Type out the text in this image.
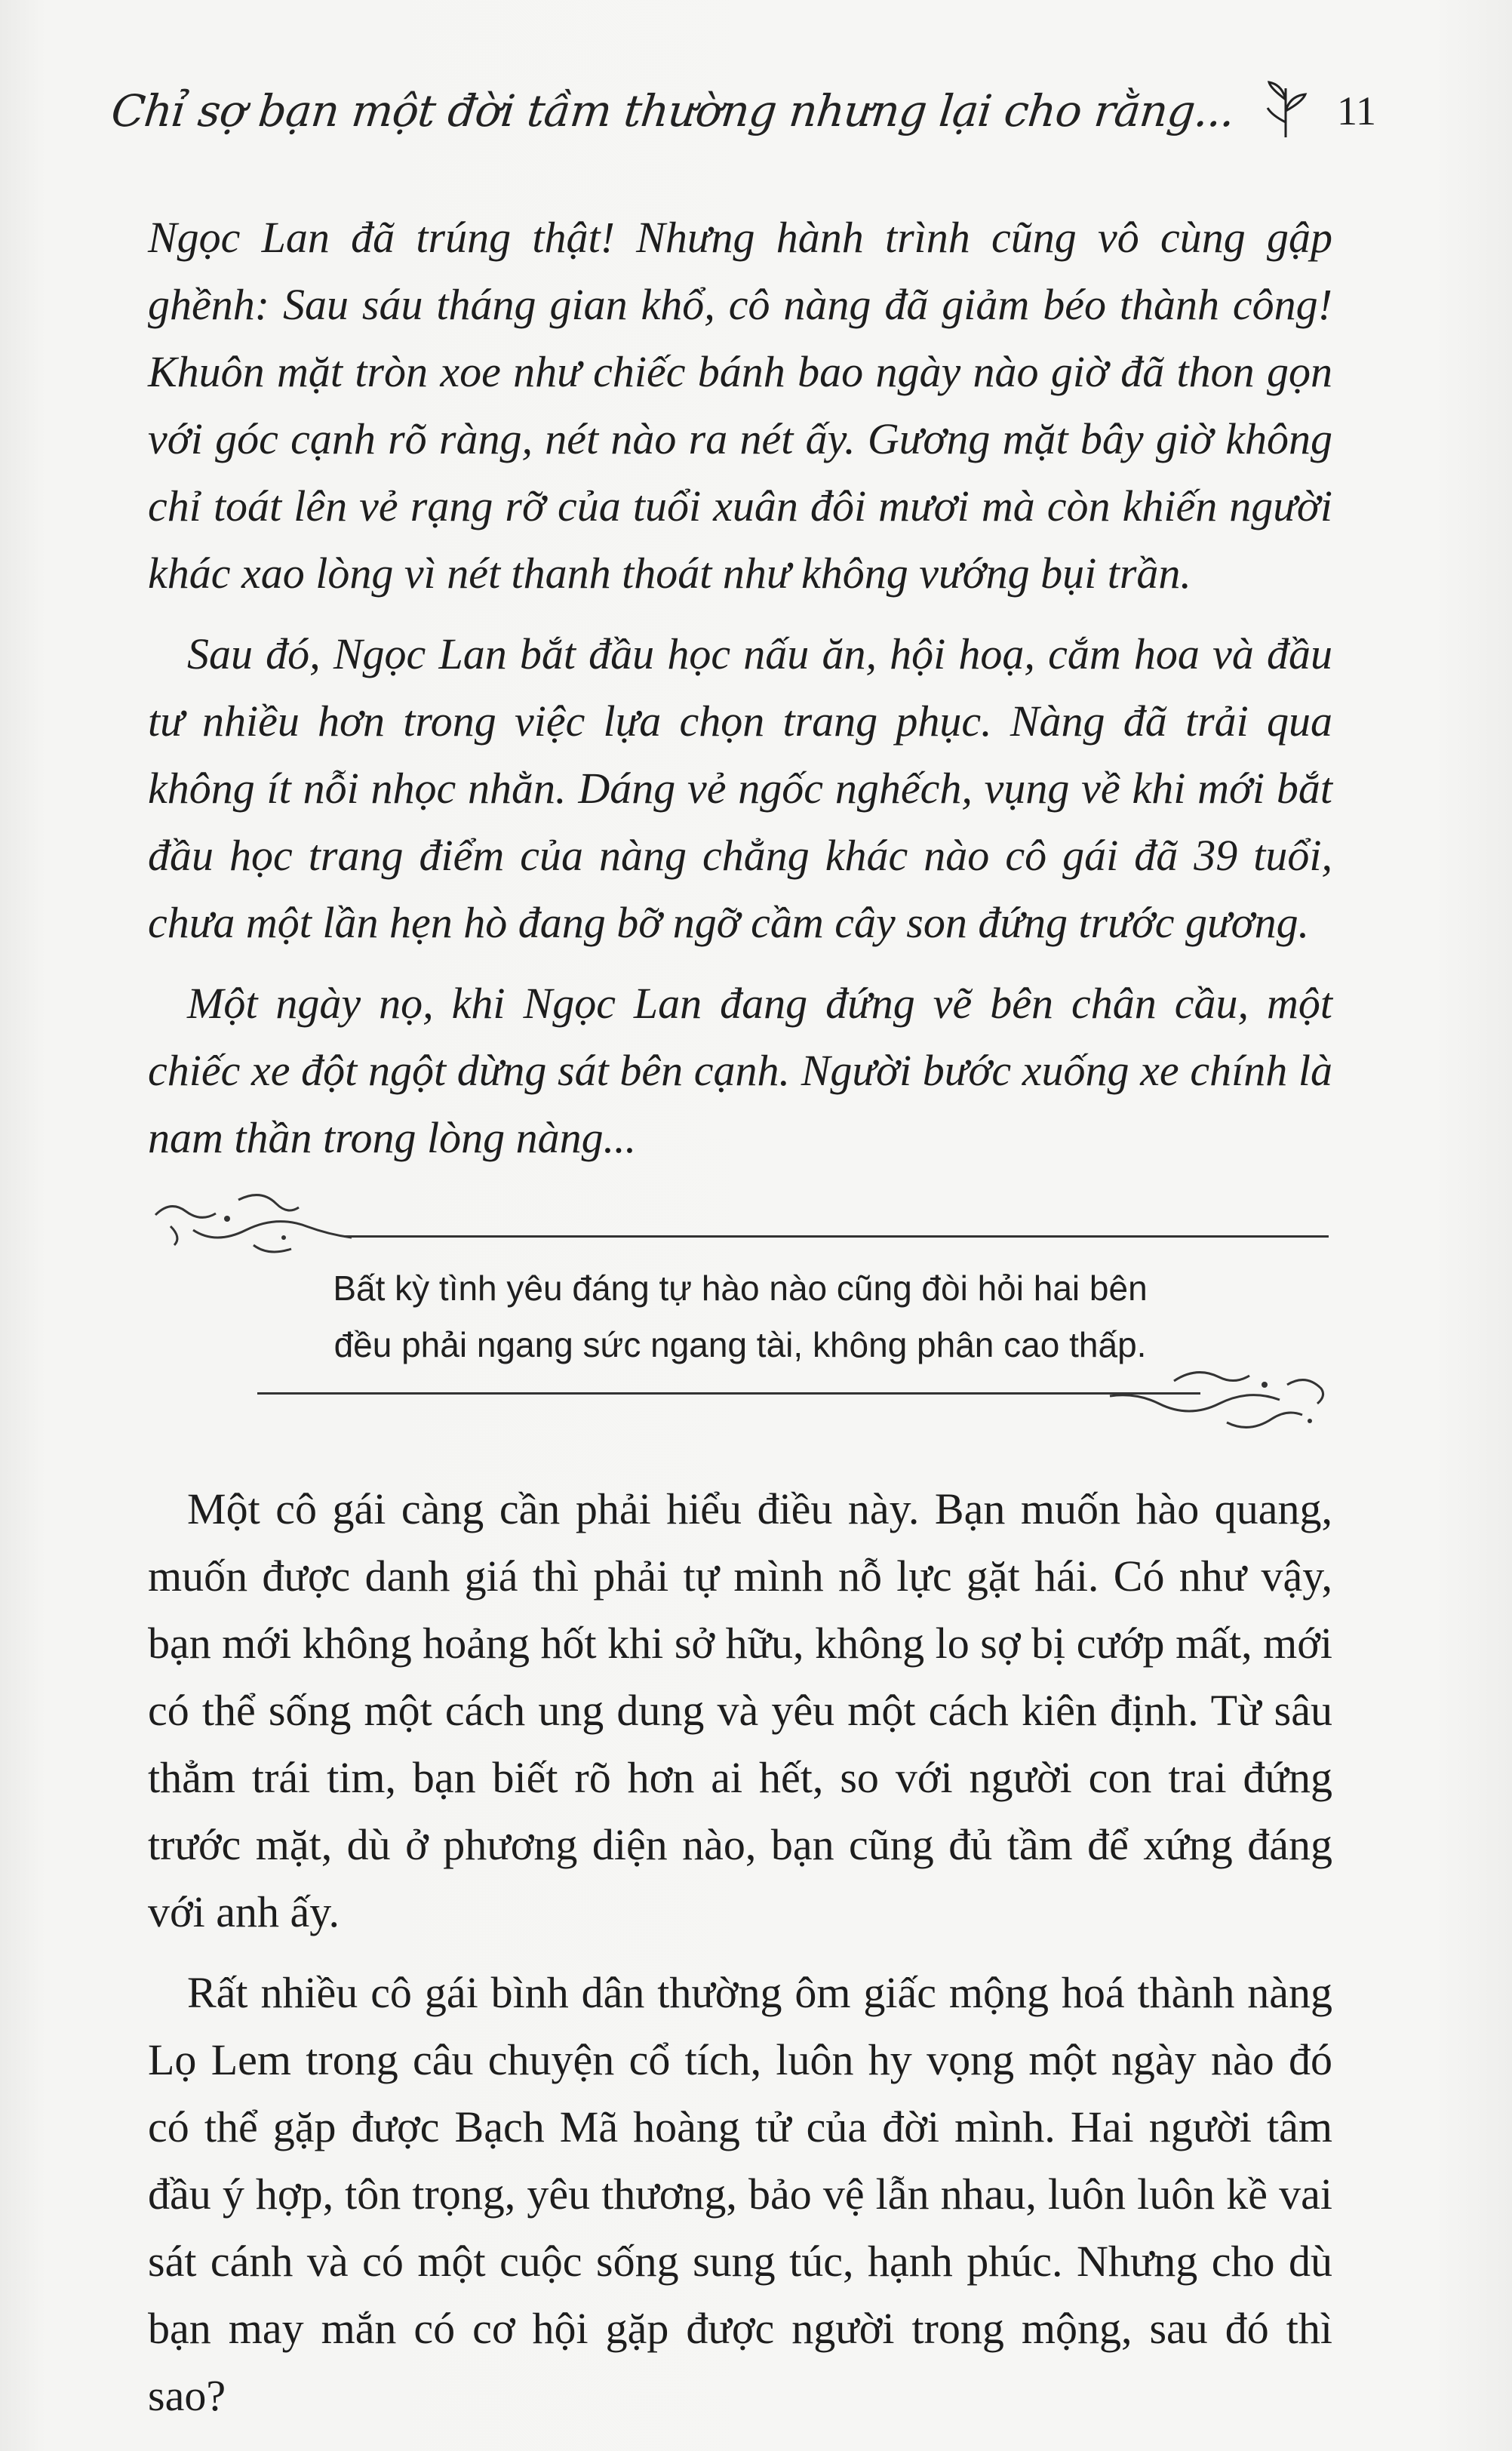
Chỉ sợ bạn một đời tầm thường nhưng lại cho rằng... 11

Ngọc Lan đã trúng thật! Nhưng hành trình cũng vô cùng gập ghềnh: Sau sáu tháng gian khổ, cô nàng đã giảm béo thành công! Khuôn mặt tròn xoe như chiếc bánh bao ngày nào giờ đã thon gọn với góc cạnh rõ ràng, nét nào ra nét ấy. Gương mặt bây giờ không chỉ toát lên vẻ rạng rỡ của tuổi xuân đôi mươi mà còn khiến người khác xao lòng vì nét thanh thoát như không vướng bụi trần.

Sau đó, Ngọc Lan bắt đầu học nấu ăn, hội hoạ, cắm hoa và đầu tư nhiều hơn trong việc lựa chọn trang phục. Nàng đã trải qua không ít nỗi nhọc nhằn. Dáng vẻ ngốc nghếch, vụng về khi mới bắt đầu học trang điểm của nàng chẳng khác nào cô gái đã 39 tuổi, chưa một lần hẹn hò đang bỡ ngỡ cầm cây son đứng trước gương.

Một ngày nọ, khi Ngọc Lan đang đứng vẽ bên chân cầu, một chiếc xe đột ngột dừng sát bên cạnh. Người bước xuống xe chính là nam thần trong lòng nàng...

Bất kỳ tình yêu đáng tự hào nào cũng đòi hỏi hai bên
đều phải ngang sức ngang tài, không phân cao thấp.

Một cô gái càng cần phải hiểu điều này. Bạn muốn hào quang, muốn được danh giá thì phải tự mình nỗ lực gặt hái. Có như vậy, bạn mới không hoảng hốt khi sở hữu, không lo sợ bị cướp mất, mới có thể sống một cách ung dung và yêu một cách kiên định. Từ sâu thẳm trái tim, bạn biết rõ hơn ai hết, so với người con trai đứng trước mặt, dù ở phương diện nào, bạn cũng đủ tầm để xứng đáng với anh ấy.

Rất nhiều cô gái bình dân thường ôm giấc mộng hoá thành nàng Lọ Lem trong câu chuyện cổ tích, luôn hy vọng một ngày nào đó có thể gặp được Bạch Mã hoàng tử của đời mình. Hai người tâm đầu ý hợp, tôn trọng, yêu thương, bảo vệ lẫn nhau, luôn luôn kề vai sát cánh và có một cuộc sống sung túc, hạnh phúc. Nhưng cho dù bạn may mắn có cơ hội gặp được người trong mộng, sau đó thì sao?
